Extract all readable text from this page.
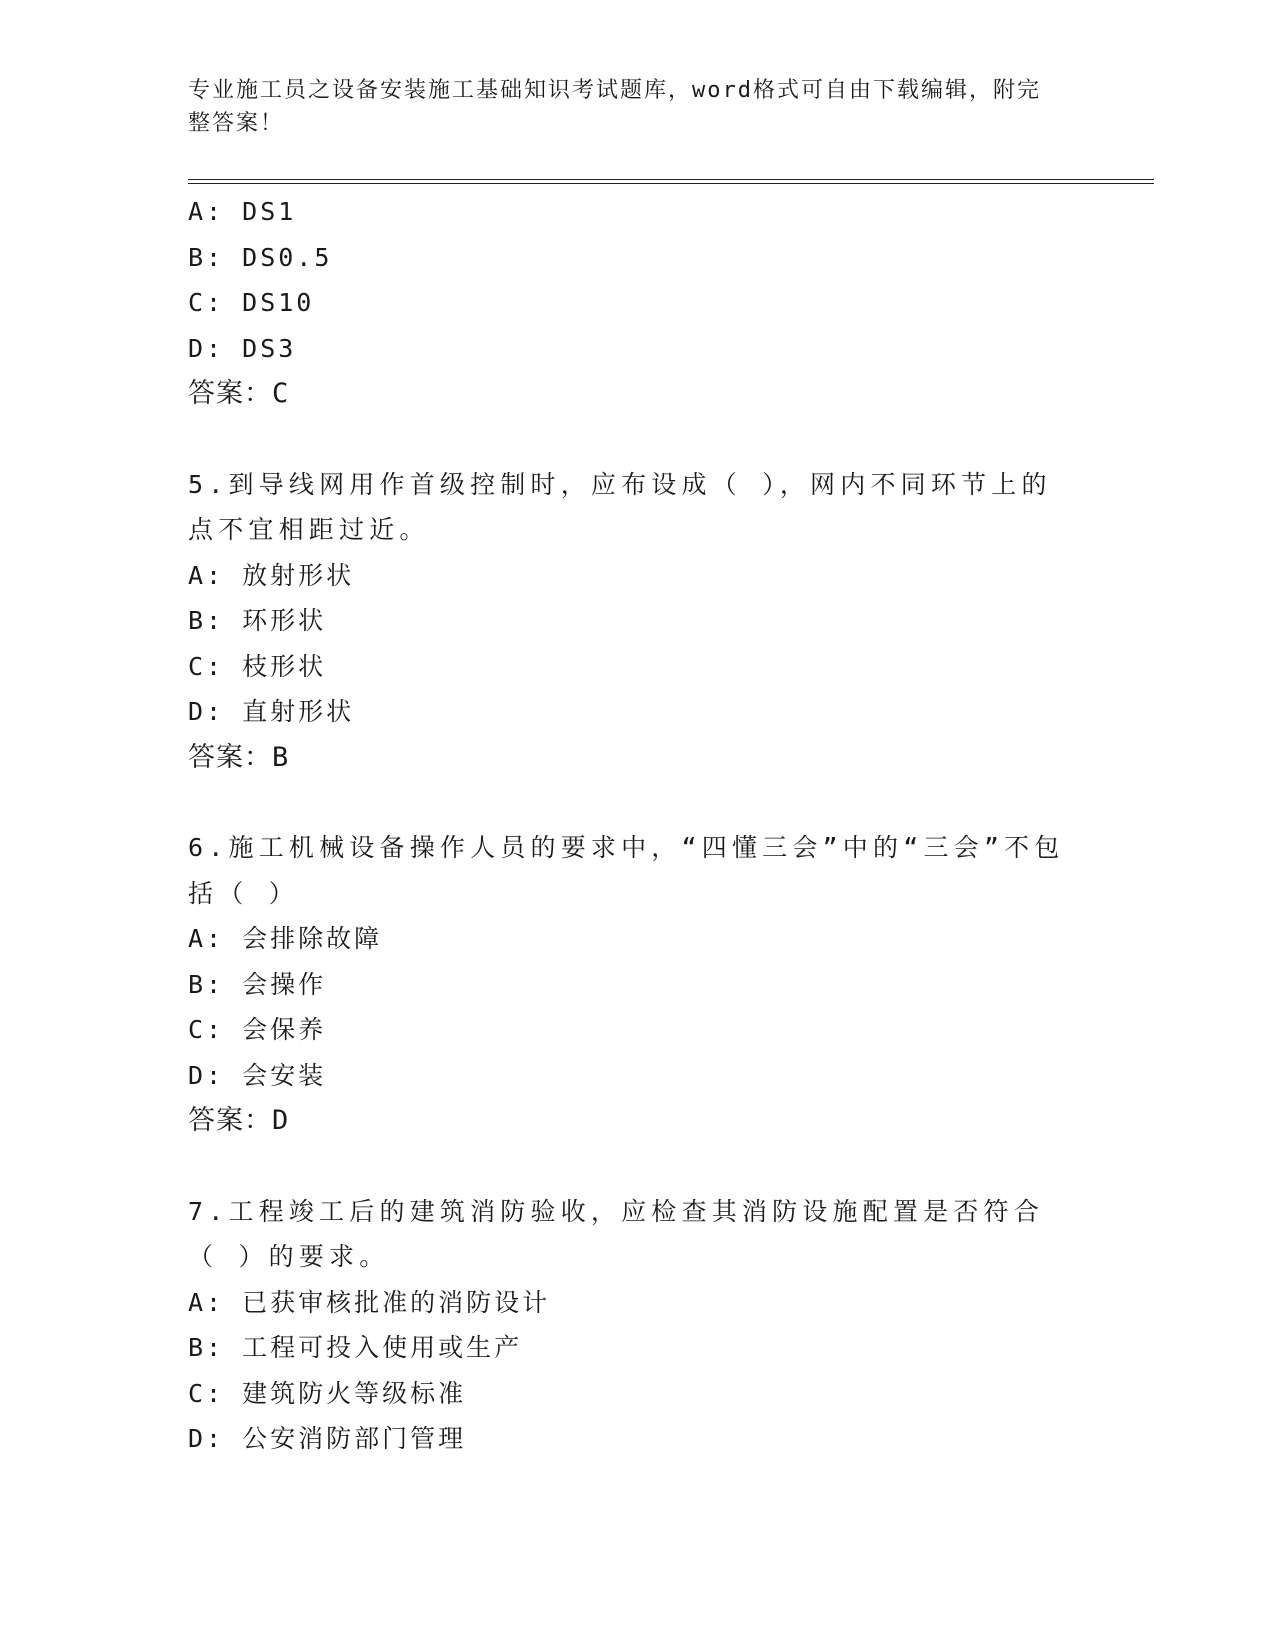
专业施工员之设备安装施工基础知识考试题库，word格式可自由下载编辑，附完
整答案！
A: DS1
B: DS0.5
C: DS10
D: DS3
答案：C
5.到导线网用作首级控制时，应布设成（ ），网内不同环节上的点不宜相距过近。
A: 放射形状
B: 环形状
C: 枝形状
D: 直射形状
答案：B
6.施工机械设备操作人员的要求中，“四懂三会”中的“三会”不包括（ ）
A: 会排除故障
B: 会操作
C: 会保养
D: 会安装
答案：D
7.工程竣工后的建筑消防验收，应检查其消防设施配置是否符合（ ）的要求。
A: 已获审核批准的消防设计
B: 工程可投入使用或生产
C: 建筑防火等级标准
D: 公安消防部门管理
